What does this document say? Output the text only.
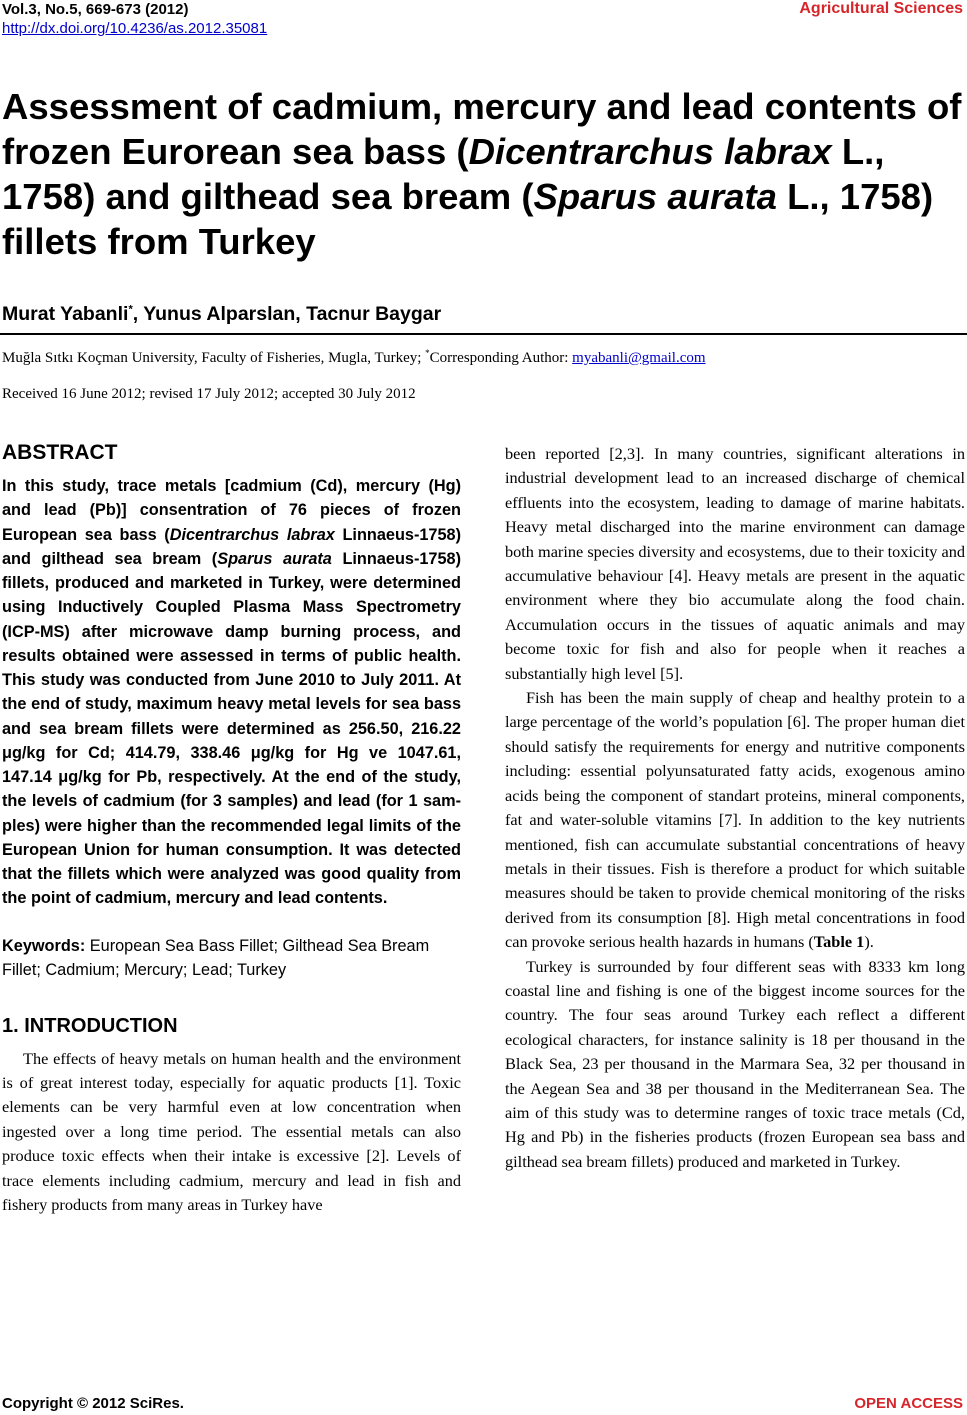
Vol.3, No.5, 669-673 (2012)
http://dx.doi.org/10.4236/as.2012.35081
Agricultural Sciences
Assessment of cadmium, mercury and lead contents of frozen Eurorean sea bass (Dicentrarchus labrax L., 1758) and gilthead sea bream (Sparus aurata L., 1758) fillets from Turkey
Murat Yabanli*, Yunus Alparslan, Tacnur Baygar
Muğla Sıtkı Koçman University, Faculty of Fisheries, Mugla, Turkey; *Corresponding Author: myabanli@gmail.com
Received 16 June 2012; revised 17 July 2012; accepted 30 July 2012
ABSTRACT

In this study, trace metals [cadmium (Cd), mercury (Hg) and lead (Pb)] consentration of 76 pieces of frozen European sea bass (Dicentrarchus labrax Linnaeus-1758) and gilthead sea bream (Sparus aurata Linnaeus-1758) fillets, produced and marketed in Turkey, were determined using Inductively Coupled Plasma Mass Spectrometry (ICP-MS) after microwave damp burning process, and results obtained were assessed in terms of public health. This study was conducted from June 2010 to July 2011. At the end of study, maximum heavy metal levels for sea bass and sea bream fillets were determined as 256.50, 216.22 μg/kg for Cd; 414.79, 338.46 μg/kg for Hg ve 1047.61, 147.14 μg/kg for Pb, respectively. At the end of the study, the levels of cadmium (for 3 samples) and lead (for 1 samples) were higher than the recommended legal limits of the European Union for human consumption. It was detected that the fillets which were analyzed was good quality from the point of cadmium, mercury and lead contents.

Keywords: European Sea Bass Fillet; Gilthead Sea Bream Fillet; Cadmium; Mercury; Lead; Turkey

1. INTRODUCTION

The effects of heavy metals on human health and the environment is of great interest today, especially for aquatic products [1]. Toxic elements can be very harmful even at low concentration when ingested over a long time period. The essential metals can also produce toxic effects when their intake is excessive [2]. Levels of trace elements including cadmium, mercury and lead in fish and fishery products from many areas in Turkey have

been reported [2,3]. In many countries, significant alterations in industrial development lead to an increased discharge of chemical effluents into the ecosystem, leading to damage of marine habitats. Heavy metal discharged into the marine environment can damage both marine species diversity and ecosystems, due to their toxicity and accumulative behaviour [4]. Heavy metals are present in the aquatic environment where they bio accumulate along the food chain. Accumulation occurs in the tissues of aquatic animals and may become toxic for fish and also for people when it reaches a substantially high level [5].

Fish has been the main supply of cheap and healthy protein to a large percentage of the world’s population [6]. The proper human diet should satisfy the requirements for energy and nutritive components including: essential polyunsaturated fatty acids, exogenous amino acids being the component of standart proteins, mineral components, fat and water-soluble vitamins [7]. In addition to the key nutrients mentioned, fish can accumulate substantial concentrations of heavy metals in their tissues. Fish is therefore a product for which suitable measures should be taken to provide chemical monitoring of the risks derived from its consumption [8]. High metal concentrations in food can provoke serious health hazards in humans (Table 1).

Turkey is surrounded by four different seas with 8333 km long coastal line and fishing is one of the biggest income sources for the country. The four seas around Turkey each reflect a different ecological characters, for instance salinity is 18 per thousand in the Black Sea, 23 per thousand in the Marmara Sea, 32 per thousand in the Aegean Sea and 38 per thousand in the Mediterranean Sea. The aim of this study was to determine ranges of toxic trace metals (Cd, Hg and Pb) in the fisheries products (frozen European sea bass and gilthead sea bream fillets) produced and marketed in Turkey.

Copyright © 2012 SciRes.	OPEN ACCESS
